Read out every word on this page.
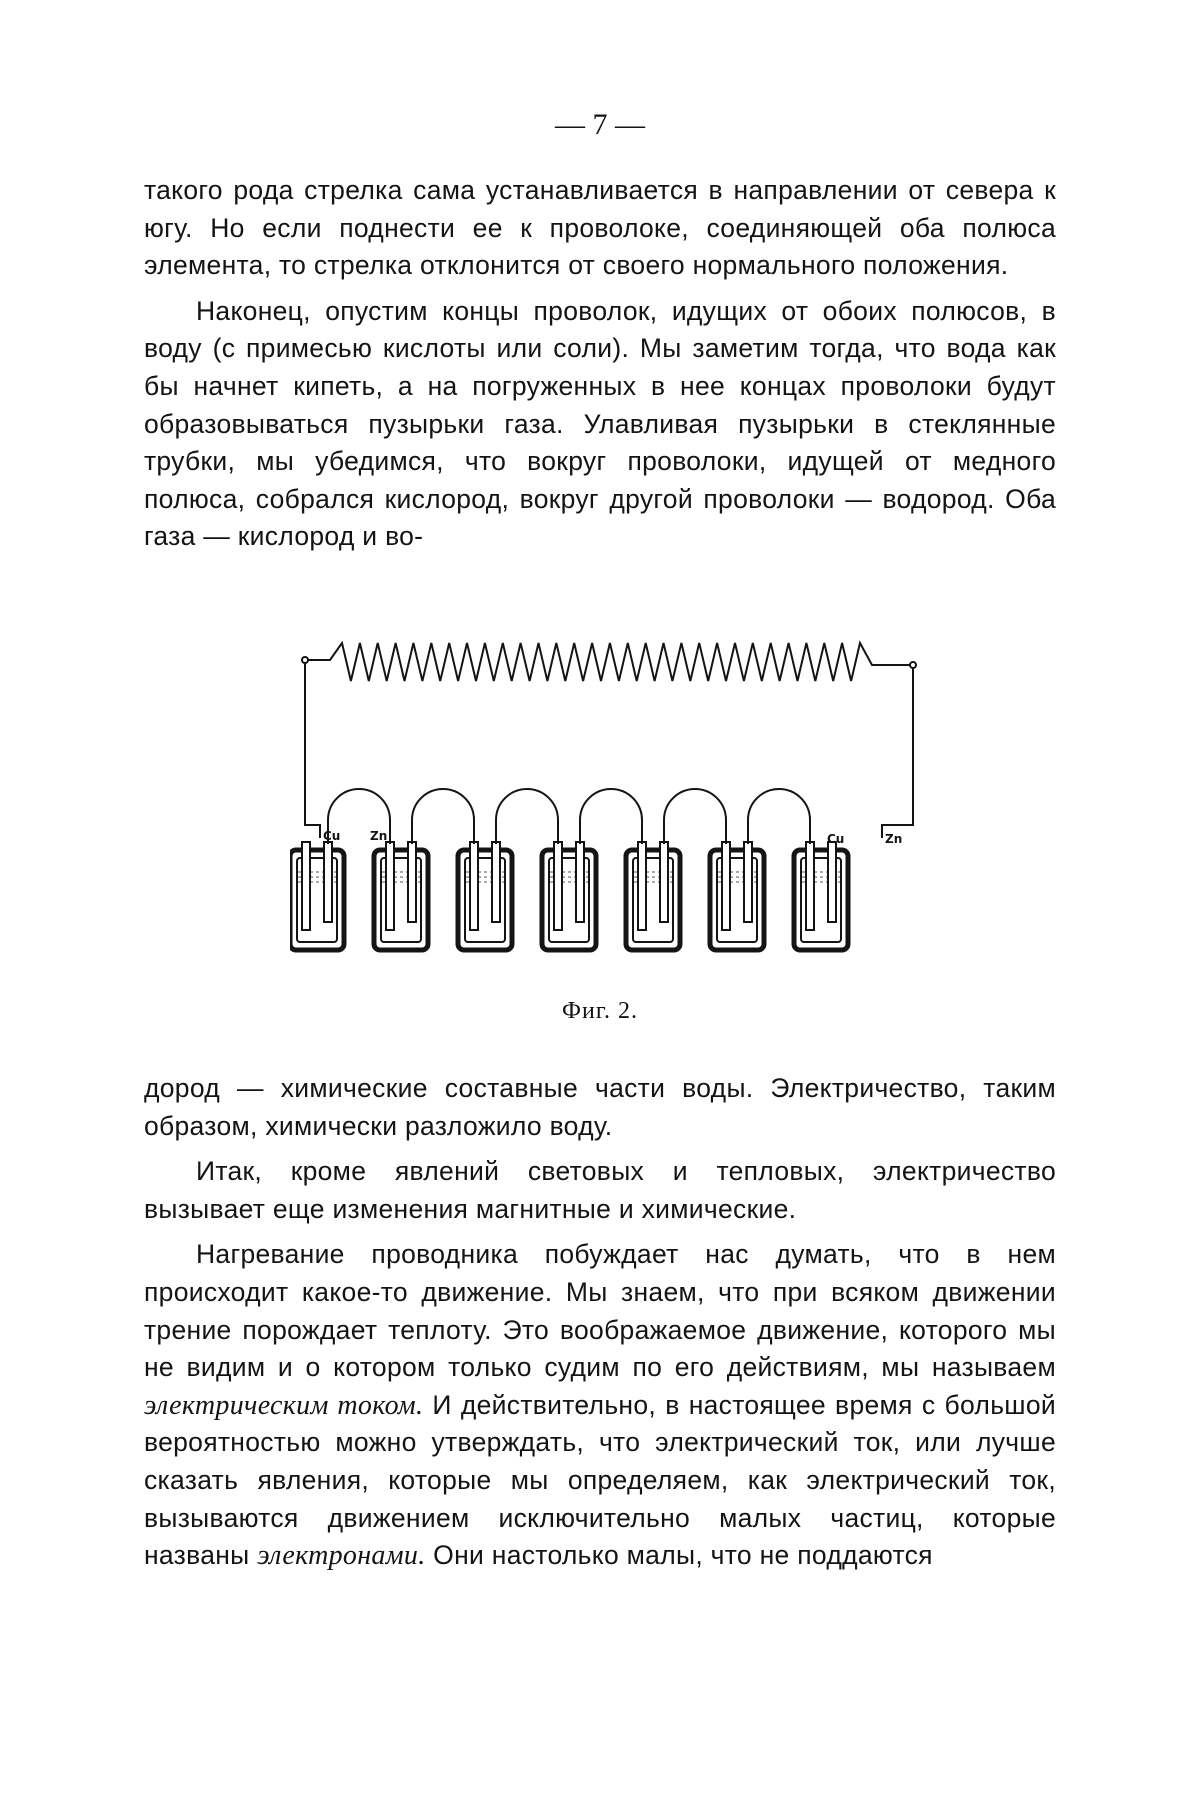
— 7 —

такого рода стрелка сама устанавливается в направлении от севера к югу. Но если поднести ее к проволоке, соединяющей оба полюса элемента, то стрелка отклонится от своего нормального положения.

Наконец, опустим концы проволок, идущих от обоих полюсов, в воду (с примесью кислоты или соли). Мы заметим тогда, что вода как бы начнет кипеть, а на погруженных в нее концах проволоки будут образовываться пузырьки газа. Улавливая пузырьки в стеклянные трубки, мы убедимся, что вокруг проволоки, идущей от медного полюса, собрался кислород, вокруг другой проволоки — водород. Оба газа — кислород и во-

Cu Zn	Cu	Zn
Фиг. 2.

дород — химические составные части воды. Электричество, таким образом, химически разложило воду.

Итак, кроме явлений световых и тепловых, электричество вызывает еще изменения магнитные и химические.

Нагревание проводника побуждает нас думать, что в нем происходит какое-то движение. Мы знаем, что при всяком движении трение порождает теплоту. Это воображаемое движение, которого мы не видим и о котором только судим по его действиям, мы называем электрическим током. И действительно, в настоящее время с большой вероятностью можно утверждать, что электрический ток, или лучше сказать явления, которые мы определяем, как электрический ток, вызываются движением исключительно малых частиц, которые названы электронами. Они настолько малы, что не поддаются
